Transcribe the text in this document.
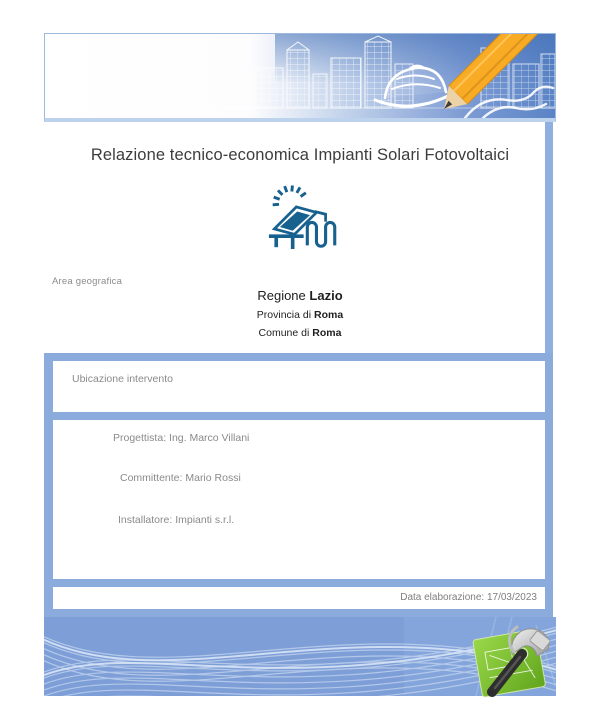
Relazione tecnico-economica Impianti Solari Fotovoltaici
Area geografica
Regione Lazio
Provincia di Roma
Comune di Roma
Ubicazione intervento
Progettista: Ing. Marco Villani
Committente: Mario Rossi
Installatore: Impianti s.r.l.
Data elaborazione: 17/03/2023
